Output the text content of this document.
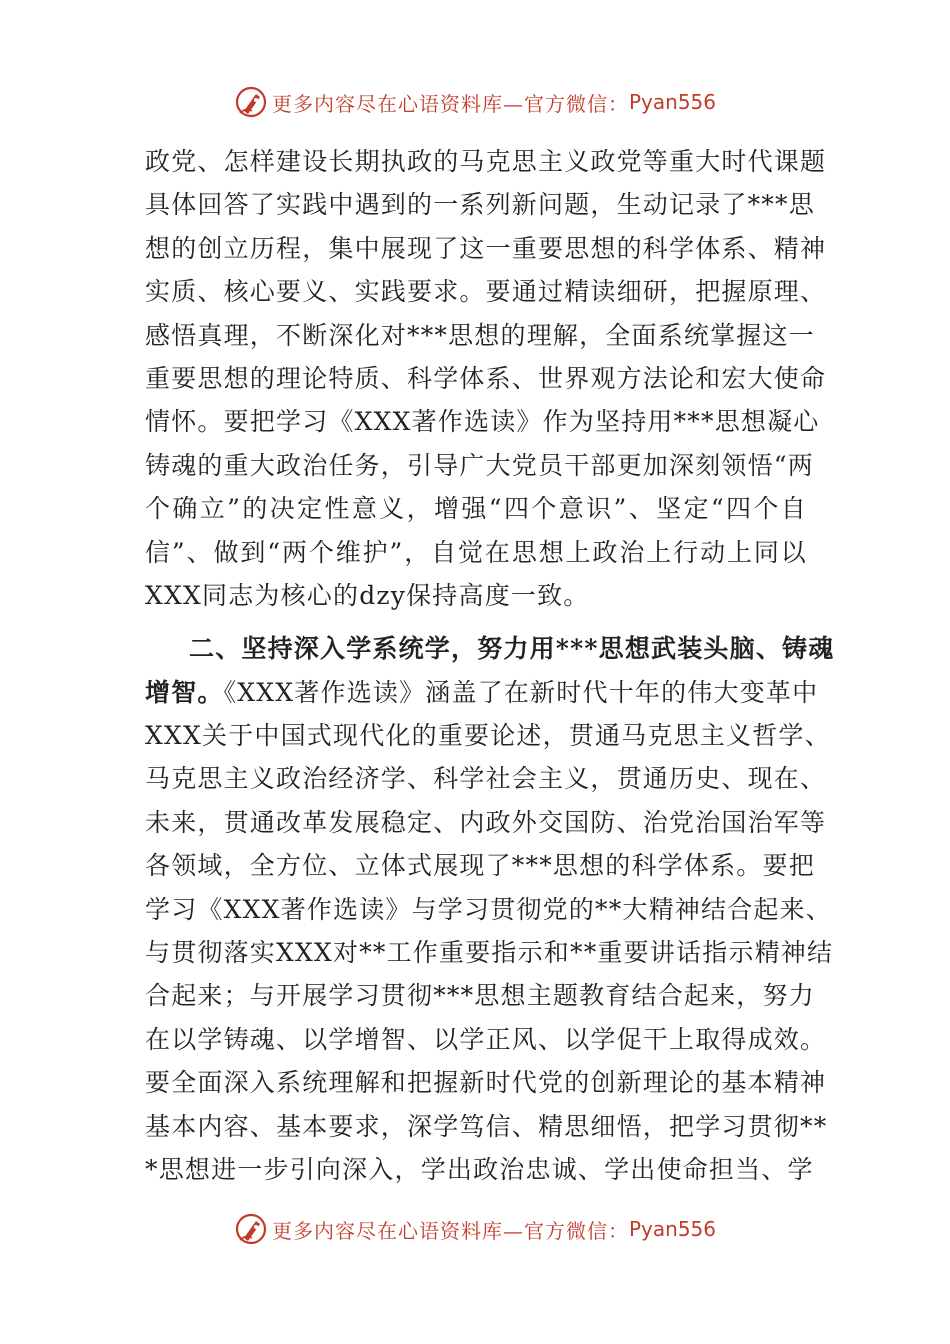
更多内容尽在心语资料库—官方微信： Pyan556
政党、怎样建设长期执政的马克思主义政党等重大时代课题
具体回答了实践中遇到的一系列新问题，生动记录了***思
想的创立历程，集中展现了这一重要思想的科学体系、精神
实质、核心要义、实践要求。要通过精读细研，把握原理、
感悟真理，不断深化对***思想的理解，全面系统掌握这一
重要思想的理论特质、科学体系、世界观方法论和宏大使命
情怀。要把学习《XXX著作选读》作为坚持用***思想凝心
铸魂的重大政治任务，引导广大党员干部更加深刻领悟“两
个确立”的决定性意义，增强“四个意识”、坚定“四个自
信”、做到“两个维护”，自觉在思想上政治上行动上同以
XXX同志为核心的dzy保持高度一致。
二、坚持深入学系统学，努力用***思想武装头脑、铸魂
增智。《XXX著作选读》涵盖了在新时代十年的伟大变革中
XXX关于中国式现代化的重要论述，贯通马克思主义哲学、
马克思主义政治经济学、科学社会主义，贯通历史、现在、
未来，贯通改革发展稳定、内政外交国防、治党治国治军等
各领域，全方位、立体式展现了***思想的科学体系。要把
学习《XXX著作选读》与学习贯彻党的**大精神结合起来、
与贯彻落实XXX对**工作重要指示和**重要讲话指示精神结
合起来；与开展学习贯彻***思想主题教育结合起来，努力
在以学铸魂、以学增智、以学正风、以学促干上取得成效。
要全面深入系统理解和把握新时代党的创新理论的基本精神
基本内容、基本要求，深学笃信、精思细悟，把学习贯彻**
*思想进一步引向深入，学出政治忠诚、学出使命担当、学
更多内容尽在心语资料库—官方微信： Pyan556
